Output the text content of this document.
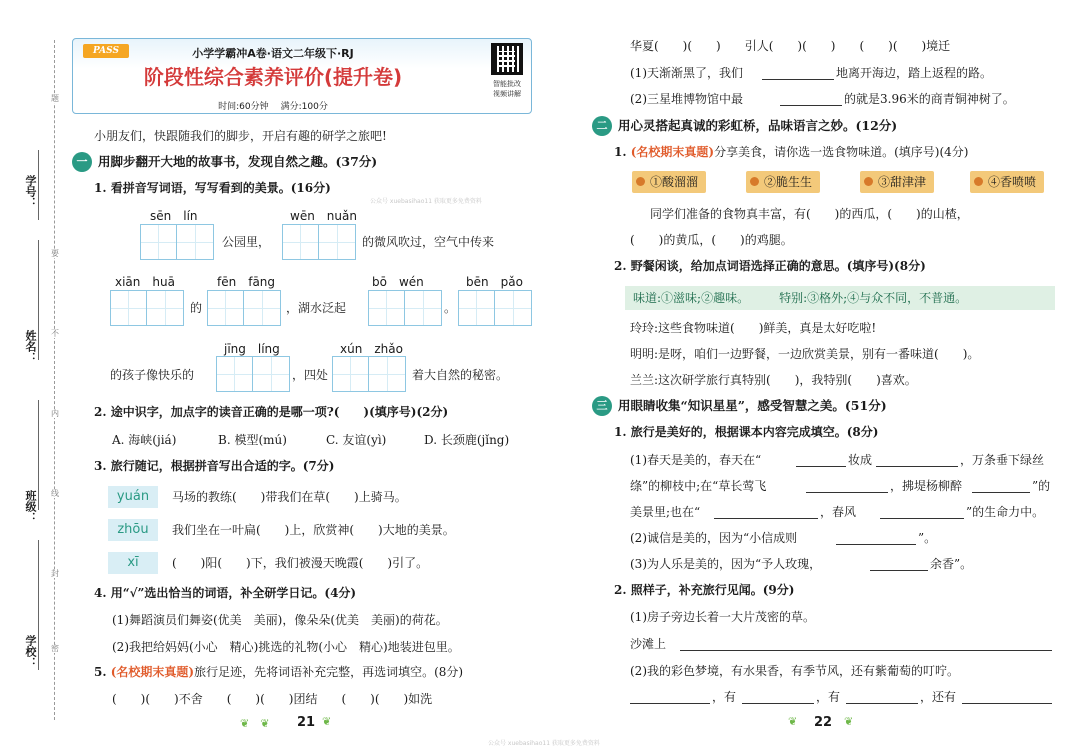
学号：
姓名：
班级：
学校：
题
要
不
内
线
封
密
PASS	小学学霸冲A卷·语文二年级下·RJ
阶段性综合素养评价(提升卷)
时间:60分钟 满分:100分
智能批改
视频讲解
小朋友们，快跟随我们的脚步，开启有趣的研学之旅吧!
一 用脚步翻开大地的故事书，发现自然之趣。(37分)
1. 看拼音写词语，写写看到的美景。(16分)
sēn　lín	wēn　nuǎn
公园里，	的微风吹过，空气中传来
xiān　huā	fēn　fāng	bō　wén	bēn　pǎo
的	，湖水泛起	。
jīng　líng	xún　zhǎo
的孩子像快乐的	，四处	着大自然的秘密。
2. 途中识字，加点字的读音正确的是哪一项?(　　)(填序号)(2分)
A. 海峡(jiá)	B. 模型(mú)	C. 友谊(yì)	D. 长颈鹿(jǐng)
3. 旅行随记，根据拼音写出合适的字。(7分)
yuán	马场的教练(　　)带我们在草(　　)上骑马。
zhōu	我们坐在一叶扁(　　)上，欣赏神(　　)大地的美景。
xī	(　　)阳(　　)下，我们被漫天晚霞(　　)引了。
4. 用“√”选出恰当的词语，补全研学日记。(4分)
(1)舞蹈演员们舞姿(优美　美丽)，像朵朵(优美　美丽)的荷花。
(2)我把给妈妈(小心　精心)挑选的礼物(小心　精心)地装进包里。
5. (名校期末真题)旅行足迹，先将词语补充完整，再选词填空。(8分)
(　　)(　　)不舍　　(　　)(　　)团结　　(　　)(　　)如洗
❦　❦ 21 ❦
公众号 xuebasihao11 获取更多免费资料
华夏(　　)(　　)　　引人(　　)(　　)　　(　　)(　　)境迁
(1)天渐渐黑了，我们	地离开海边，踏上返程的路。
(2)三星堆博物馆中最	的就是3.96米的商青铜神树了。
二 用心灵搭起真诚的彩虹桥，品味语言之妙。(12分)
1. (名校期末真题)分享美食，请你选一选食物味道。(填序号)(4分)
①酸溜溜	②脆生生	③甜津津	④香喷喷
同学们准备的食物真丰富，有(　　)的西瓜，(　　)的山楂，
(　　)的黄瓜，(　　)的鸡腿。
2. 野餐闲谈，给加点词语选择正确的意思。(填序号)(8分)
味道:①滋味;②趣味。　　　特别:③格外;④与众不同，不普通。
玲玲:这些食物味道(　　)鲜美，真是太好吃啦!
明明:是呀，咱们一边野餐，一边欣赏美景，别有一番味道(　　)。
兰兰:这次研学旅行真特别(　　)，我特别(　　)喜欢。
三 用眼睛收集“知识星星”，感受智慧之美。(51分)
1. 旅行是美好的，根据课本内容完成填空。(8分)
(1)春天是美的，春天在“	妆成	，万条垂下绿丝
绦”的柳枝中;在“草长莺飞	，拂堤杨柳醉	”的
美景里;也在“	，春风	”的生命力中。
(2)诚信是美的，因为“小信成则	”。
(3)为人乐是美的，因为“予人玫瑰，	余香”。
2. 照样子，补充旅行见闻。(9分)
(1)房子旁边长着一大片茂密的草。
沙滩上
(2)我的彩色梦境，有水果香，有季节风，还有紫葡萄的叮咛。
，有	，有	，还有
❦ 22 ❦
公众号 xuebasihao11 获取更多免费资料
